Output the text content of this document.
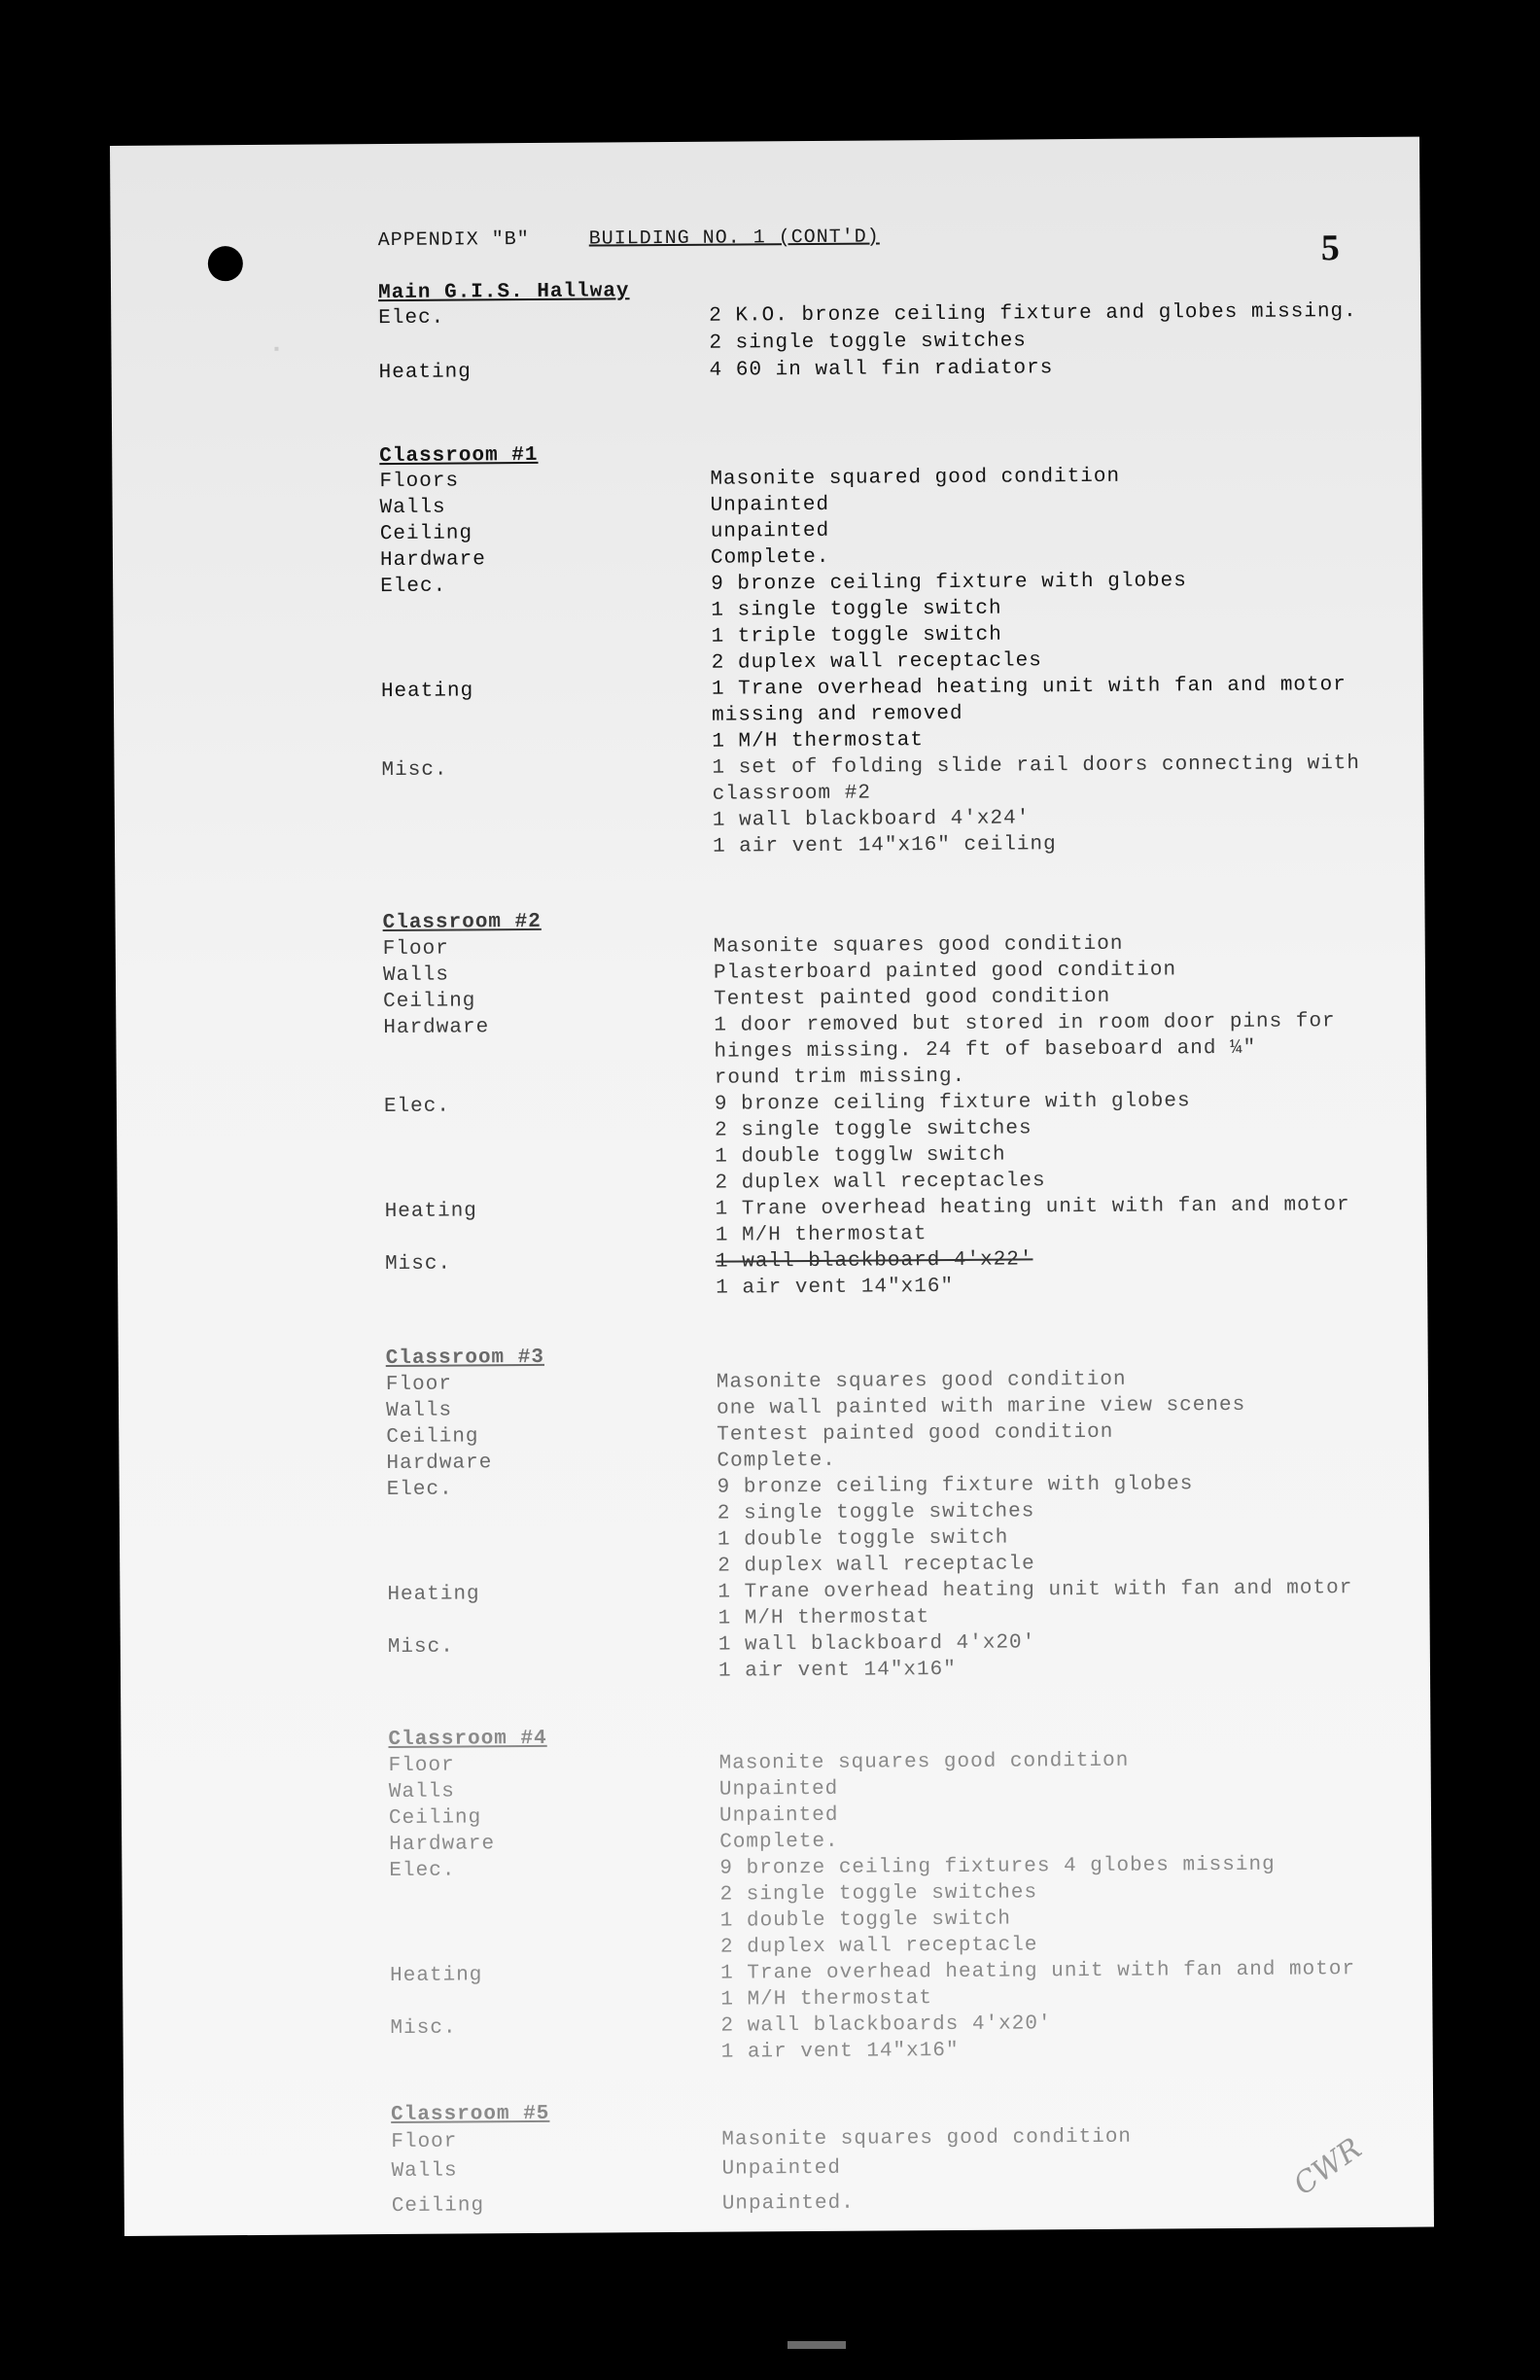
APPENDIX "B"	BUILDING NO. 1 (CONT'D)	5
Main G.I.S. Hallway
Elec.	2 K.O. bronze ceiling fixture and globes missing.
2 single toggle switches
Heating	4 60 in wall fin radiators
Classroom #1
Floors	Masonite squared good condition
Walls	Unpainted
Ceiling	unpainted
Hardware	Complete.
Elec.	9 bronze ceiling fixture with globes
1 single toggle switch
1 triple toggle switch
2 duplex wall receptacles
Heating	1 Trane overhead heating unit with fan and motor
missing and removed
1 M/H thermostat
Misc.	1 set of folding slide rail doors connecting with
classroom #2
1 wall blackboard 4'x24'
1 air vent 14"x16" ceiling
Classroom #2
Floor	Masonite squares good condition
Walls	Plasterboard painted good condition
Ceiling	Tentest painted good condition
Hardware	1 door removed but stored in room door pins for
hinges missing. 24 ft of baseboard and ¼"
round trim missing.
Elec.	9 bronze ceiling fixture with globes
2 single toggle switches
1 double togglw switch
2 duplex wall receptacles
Heating	1 Trane overhead heating unit with fan and motor
1 M/H thermostat
Misc.	1 wall blackboard 4'x22'
1 air vent 14"x16"
Classroom #3
Floor	Masonite squares good condition
Walls	one wall painted with marine view scenes
Ceiling	Tentest painted good condition
Hardware	Complete.
Elec.	9 bronze ceiling fixture with globes
2 single toggle switches
1 double toggle switch
2 duplex wall receptacle
Heating	1 Trane overhead heating unit with fan and motor
1 M/H thermostat
Misc.	1 wall blackboard 4'x20'
1 air vent 14"x16"
Classroom #4
Floor	Masonite squares good condition
Walls	Unpainted
Ceiling	Unpainted
Hardware	Complete.
Elec.	9 bronze ceiling fixtures 4 globes missing
2 single toggle switches
1 double toggle switch
2 duplex wall receptacle
Heating	1 Trane overhead heating unit with fan and motor
1 M/H thermostat
Misc.	2 wall blackboards 4'x20'
1 air vent 14"x16"
Classroom #5
Floor	Masonite squares good condition
Walls	Unpainted
Ceiling	Unpainted.
CWR
